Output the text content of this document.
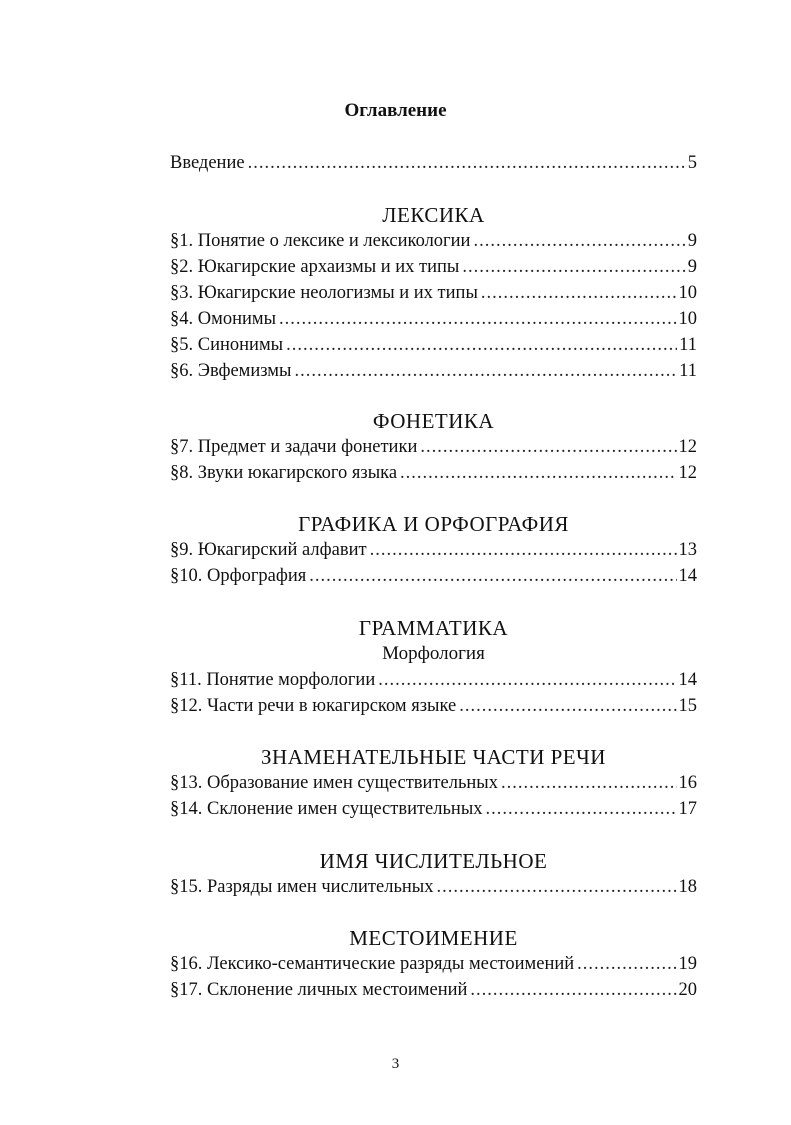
Оглавление
Введение .....	5
ЛЕКСИКА
§1. Понятие о лексике и лексикологии .....	9
§2. Юкагирские архаизмы и их типы .....	9
§3. Юкагирские неологизмы и их типы .....	10
§4. Омонимы .....	10
§5. Синонимы .....	11
§6. Эвфемизмы .....	11
ФОНЕТИКА
§7. Предмет и задачи фонетики .....	12
§8. Звуки юкагирского языка .....	12
ГРАФИКА И ОРФОГРАФИЯ
§9. Юкагирский алфавит .....	13
§10. Орфография .....	14
ГРАММАТИКА
Морфология
§11. Понятие морфологии .....	14
§12. Части речи в юкагирском языке .....	15
ЗНАМЕНАТЕЛЬНЫЕ ЧАСТИ РЕЧИ
§13. Образование имен существительных .....	16
§14. Склонение имен существительных .....	17
ИМЯ ЧИСЛИТЕЛЬНОЕ
§15. Разряды имен числительных .....	18
МЕСТОИМЕНИЕ
§16. Лексико-семантические разряды местоимений .....	19
§17. Склонение личных местоимений .....	20
3
